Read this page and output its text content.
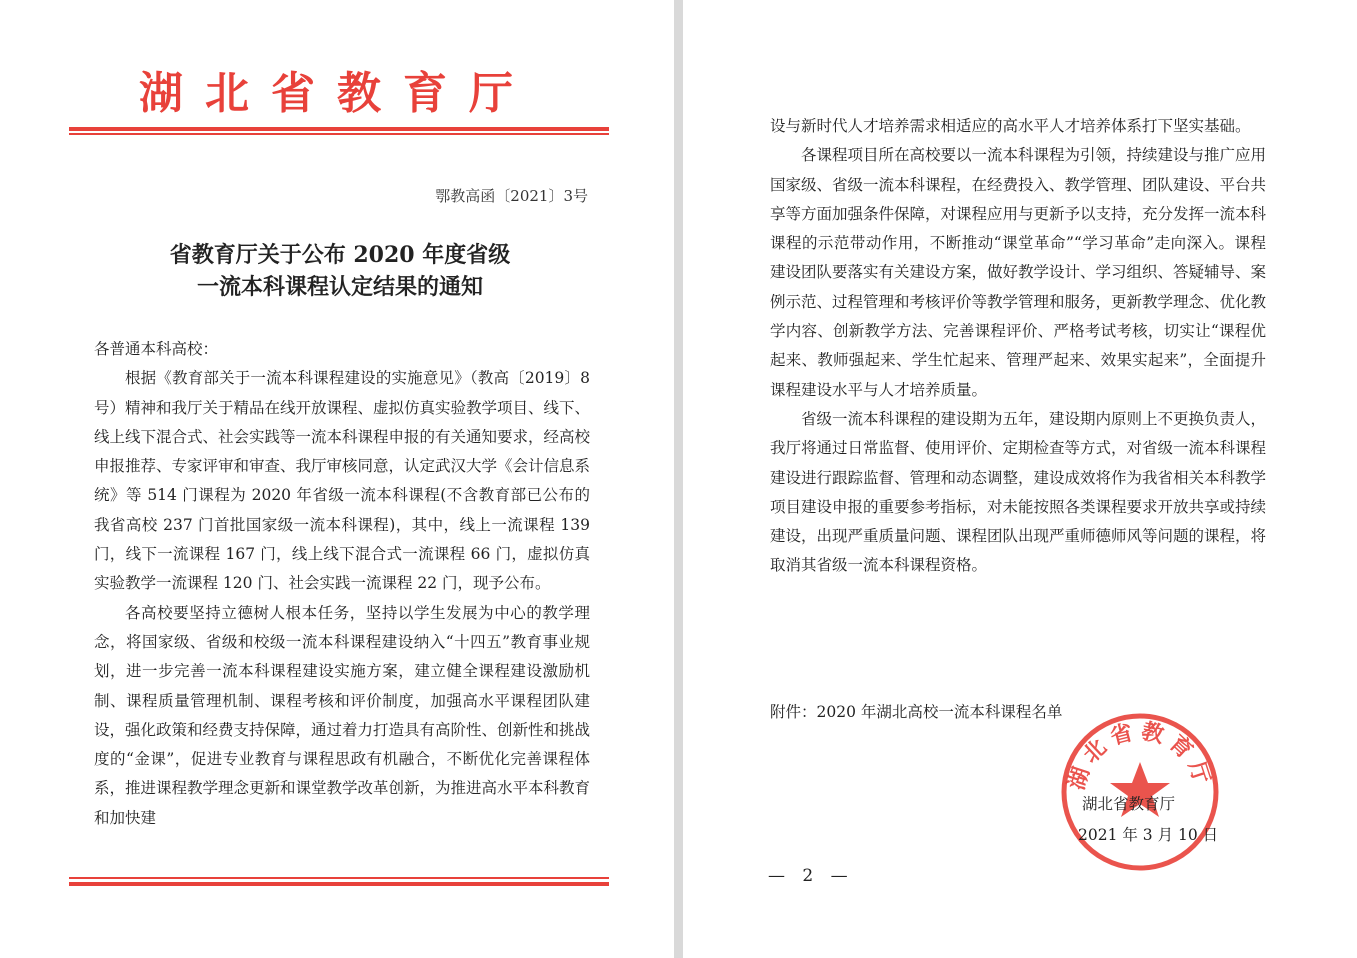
湖北省教育厅
鄂教高函〔2021〕3号
省教育厅关于公布 2020 年度省级
一流本科课程认定结果的通知

各普通本科高校：

根据《教育部关于一流本科课程建设的实施意见》（教高〔2019〕8号）精神和我厅关于精品在线开放课程、虚拟仿真实验教学项目、线下、线上线下混合式、社会实践等一流本科课程申报的有关通知要求，经高校申报推荐、专家评审和审查、我厅审核同意，认定武汉大学《会计信息系统》等 514 门课程为 2020 年省级一流本科课程(不含教育部已公布的我省高校 237 门首批国家级一流本科课程)，其中，线上一流课程 139 门，线下一流课程 167 门，线上线下混合式一流课程 66 门，虚拟仿真实验教学一流课程 120 门、社会实践一流课程 22 门，现予公布。

各高校要坚持立德树人根本任务，坚持以学生发展为中心的教学理念，将国家级、省级和校级一流本科课程建设纳入“十四五”教育事业规划，进一步完善一流本科课程建设实施方案，建立健全课程建设激励机制、课程质量管理机制、课程考核和评价制度，加强高水平课程团队建设，强化政策和经费支持保障，通过着力打造具有高阶性、创新性和挑战度的“金课”，促进专业教育与课程思政有机融合，不断优化完善课程体系，推进课程教学理念更新和课堂教学改革创新，为推进高水平本科教育和加快建

设与新时代人才培养需求相适应的高水平人才培养体系打下坚实基础。

各课程项目所在高校要以一流本科课程为引领，持续建设与推广应用国家级、省级一流本科课程，在经费投入、教学管理、团队建设、平台共享等方面加强条件保障，对课程应用与更新予以支持，充分发挥一流本科课程的示范带动作用，不断推动“课堂革命”“学习革命”走向深入。课程建设团队要落实有关建设方案，做好教学设计、学习组织、答疑辅导、案例示范、过程管理和考核评价等教学管理和服务，更新教学理念、优化教学内容、创新教学方法、完善课程评价、严格考试考核，切实让“课程优起来、教师强起来、学生忙起来、管理严起来、效果实起来”，全面提升课程建设水平与人才培养质量。

省级一流本科课程的建设期为五年，建设期内原则上不更换负责人，我厅将通过日常监督、使用评价、定期检查等方式，对省级一流本科课程建设进行跟踪监督、管理和动态调整，建设成效将作为我省相关本科教学项目建设申报的重要参考指标，对未能按照各类课程要求开放共享或持续建设，出现严重质量问题、课程团队出现严重师德师风等问题的课程，将取消其省级一流本科课程资格。

附件：2020 年湖北高校一流本科课程名单
湖北省教育厅
湖北省教育厅
2021 年 3 月 10 日
— 2 —
